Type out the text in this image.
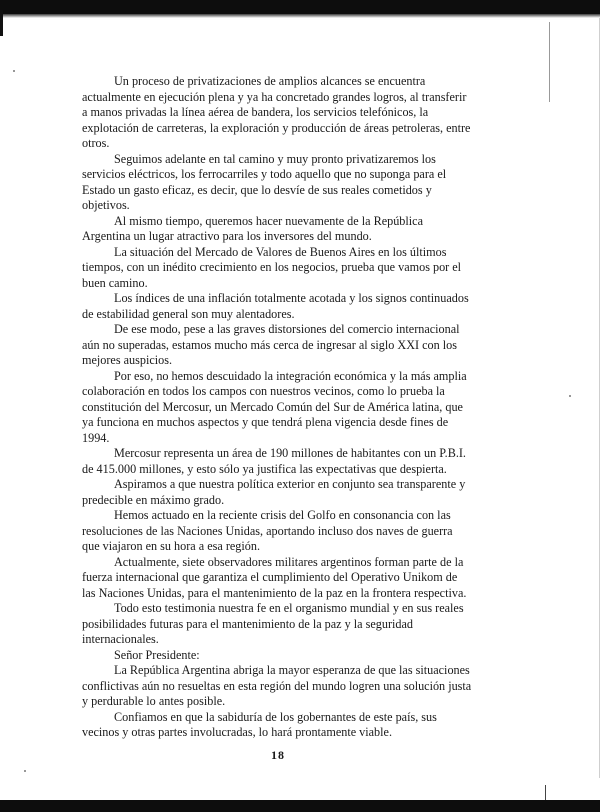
Un proceso de privatizaciones de amplios alcances se encuentra actualmente en ejecución plena y ya ha concretado grandes logros, al transferir a manos privadas la línea aérea de bandera, los servicios telefónicos, la explotación de carreteras, la exploración y producción de áreas petroleras, entre otros.

Seguimos adelante en tal camino y muy pronto privatizaremos los servicios eléctricos, los ferrocarriles y todo aquello que no suponga para el Estado un gasto eficaz, es decir, que lo desvíe de sus reales cometidos y objetivos.

Al mismo tiempo, queremos hacer nuevamente de la República Argentina un lugar atractivo para los inversores del mundo.

La situación del Mercado de Valores de Buenos Aires en los últimos tiempos, con un inédito crecimiento en los negocios, prueba que vamos por el buen camino.

Los índices de una inflación totalmente acotada y los signos continuados de estabilidad general son muy alentadores.

De ese modo, pese a las graves distorsiones del comercio internacional aún no superadas, estamos mucho más cerca de ingresar al siglo XXI con los mejores auspicios.

Por eso, no hemos descuidado la integración económica y la más amplia colaboración en todos los campos con nuestros vecinos, como lo prueba la constitución del Mercosur, un Mercado Común del Sur de América latina, que ya funciona en muchos aspectos y que tendrá plena vigencia desde fines de 1994.

Mercosur representa un área de 190 millones de habitantes con un P.B.I. de 415.000 millones, y esto sólo ya justifica las expectativas que despierta.

Aspiramos a que nuestra política exterior en conjunto sea transparente y predecible en máximo grado.

Hemos actuado en la reciente crisis del Golfo en consonancia con las resoluciones de las Naciones Unidas, aportando incluso dos naves de guerra que viajaron en su hora a esa región.

Actualmente, siete observadores militares argentinos forman parte de la fuerza internacional que garantiza el cumplimiento del Operativo Unikom de las Naciones Unidas, para el mantenimiento de la paz en la frontera respectiva.

Todo esto testimonia nuestra fe en el organismo mundial y en sus reales posibilidades futuras para el mantenimiento de la paz y la seguridad internacionales.

Señor Presidente:

La República Argentina abriga la mayor esperanza de que las situaciones conflictivas aún no resueltas en esta región del mundo logren una solución justa y perdurable lo antes posible.

Confiamos en que la sabiduría de los gobernantes de este país, sus vecinos y otras partes involucradas, lo hará prontamente viable.

18
